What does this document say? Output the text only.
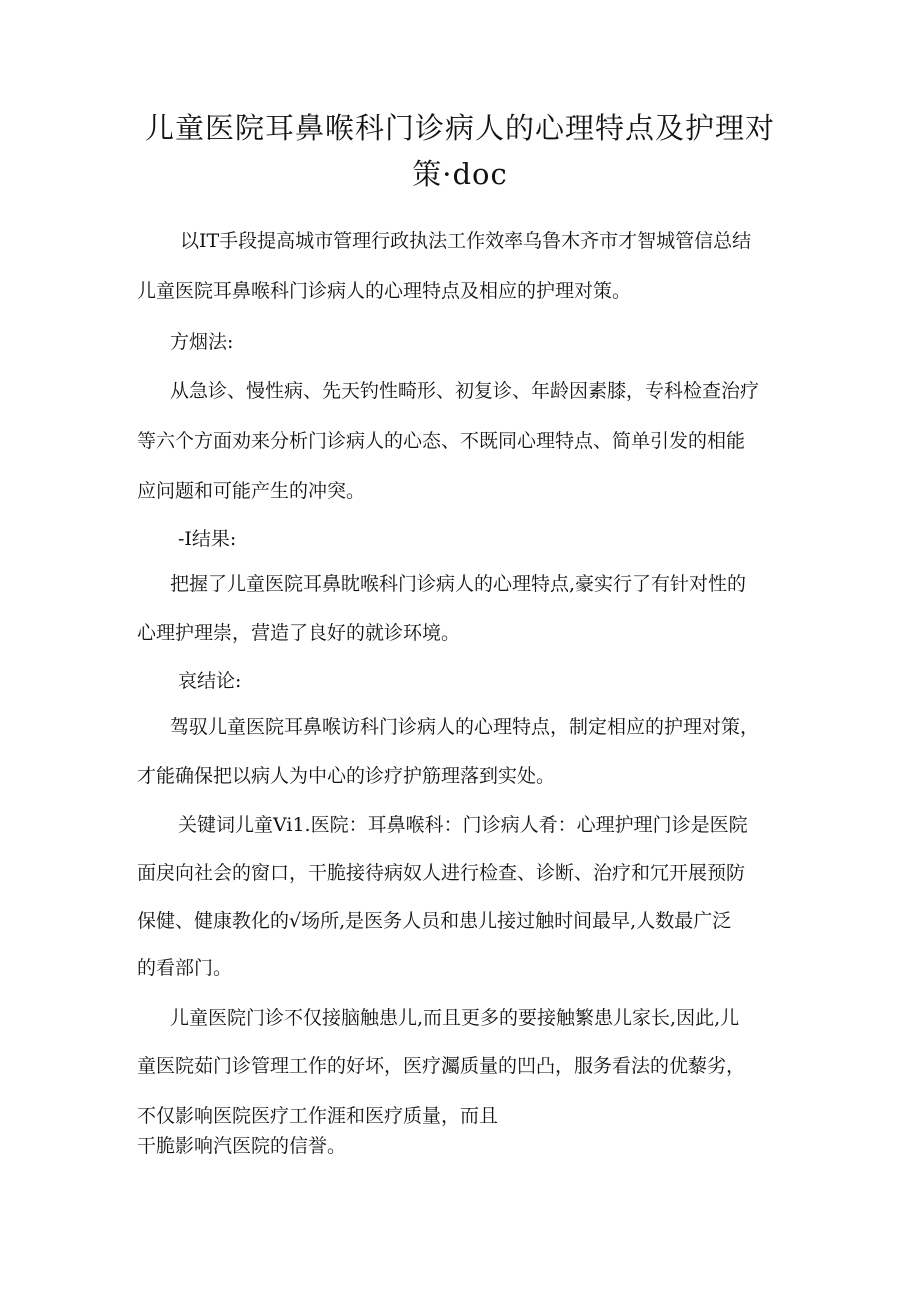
儿童医院耳鼻喉科门诊病人的心理特点及护理对
策·doc
以IT手段提高城市管理行政执法工作效率乌鲁木齐市才智城管信总结
儿童医院耳鼻喉科门诊病人的心理特点及相应的护理对策。
方烟法:
从急诊、慢性病、先天钓性畸形、初复诊、年龄因素膝，专科检查治疗
等六个方面劝来分析门诊病人的心态、不既同心理特点、简单引发的相能
应问题和可能产生的冲突。
-I结果:
把握了儿童医院耳鼻眈喉科门诊病人的心理特点,豪实行了有针对性的
心理护理崇，营造了良好的就诊环境。
哀结论:
驾驭儿童医院耳鼻喉访科门诊病人的心理特点，制定相应的护理对策，
才能确保把以病人为中心的诊疗护筋理落到实处。
关键词儿童Vi1.医院：耳鼻喉科：门诊病人肴：心理护理门诊是医院
面戾向社会的窗口，干脆接待病奴人进行检查、诊断、治疗和冗开展预防
保健、健康教化的√场所,是医务人员和患儿接过触时间最早,人数最广泛
的看部门。
儿童医院门诊不仅接脑触患儿,而且更多的要接触繁患儿家长,因此,儿
童医院茹门诊管理工作的好坏，医疗灟质量的凹凸，服务看法的优藜劣，
不仅影响医院医疗工作涯和医疗质量，而且
干脆影响汽医院的信誉。
